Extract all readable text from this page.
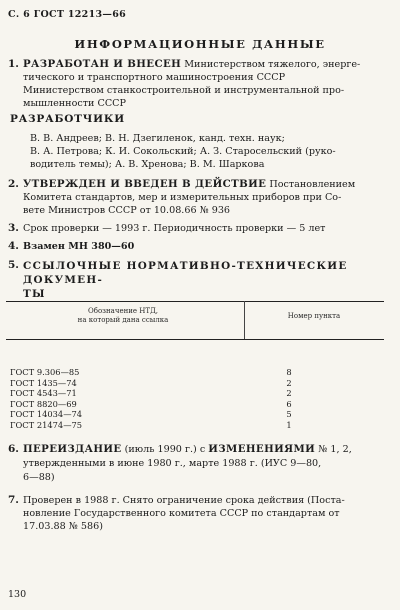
С. 6 ГОСТ 12213—66
ИНФОРМАЦИОННЫЕ ДАННЫЕ
1. РАЗРАБОТАН И ВНЕСЕН Министерством тяжелого, энерге-
тического и транспортного машиностроения СССР
Министерством станкостроительной и инструментальной про-
мышленности СССР
РАЗРАБОТЧИКИ
В. В. Андреев; В. Н. Дзегиленок, канд. техн. наук;
В. А. Петрова; К. И. Сокольский; А. З. Старосельский (руко-
водитель темы); А. В. Хренова; В. М. Шаркова
2. УТВЕРЖДЕН И ВВЕДЕН В ДЕЙСТВИЕ Постановлением
Комитета стандартов, мер и измерительных приборов при Со-
вете Министров СССР от 10.08.66 № 936
3. Срок проверки — 1993 г. Периодичность проверки — 5 лет
4. Взамен МН 380—60
5. ССЫЛОЧНЫЕ НОРМАТИВНО-ТЕХНИЧЕСКИЕ ДОКУМЕН-
ТЫ
Обозначение НТД,
на который дана ссылка	Номер пункта
ГОСТ 9.306—85
ГОСТ 1435—74
ГОСТ 4543—71
ГОСТ 8820—69
ГОСТ 14034—74
ГОСТ 21474—75
8
2
2
6
5
1
6. ПЕРЕИЗДАНИЕ (июль 1990 г.) с ИЗМЕНЕНИЯМИ № 1, 2,
утвержденными в июне 1980 г., марте 1988 г. (ИУС 9—80,
6—88)
7. Проверен в 1988 г. Снято ограничение срока действия (Поста-
новление Государственного комитета СССР по стандартам от
17.03.88 № 586)
130
